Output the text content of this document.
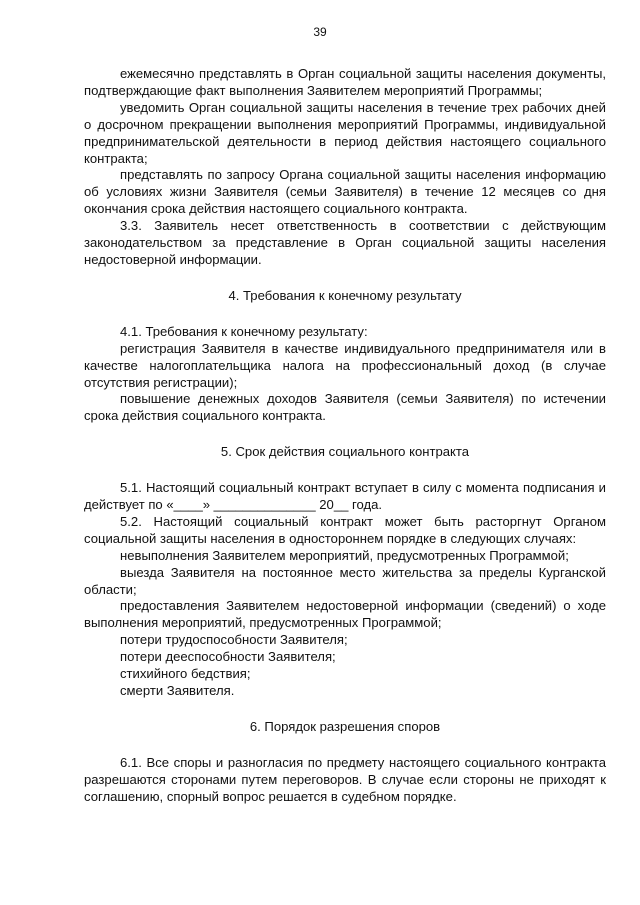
39

ежемесячно представлять в Орган социальной защиты населения документы, подтверждающие факт выполнения Заявителем мероприятий Программы;

уведомить Орган социальной защиты населения в течение трех рабочих дней о досрочном прекращении выполнения мероприятий Программы, индивидуальной предпринимательской деятельности в период действия настоящего социального контракта;

представлять по запросу Органа социальной защиты населения информацию об условиях жизни Заявителя (семьи Заявителя) в течение 12 месяцев со дня окончания срока действия настоящего социального контракта.

3.3. Заявитель несет ответственность в соответствии с действующим законодательством за представление в Орган социальной защиты населения недостоверной информации.

4. Требования к конечному результату

4.1. Требования к конечному результату:

регистрация Заявителя в качестве индивидуального предпринимателя или в качестве налогоплательщика налога на профессиональный доход (в случае отсутствия регистрации);

повышение денежных доходов Заявителя (семьи Заявителя) по истечении срока действия социального контракта.

5. Срок действия социального контракта

5.1. Настоящий социальный контракт вступает в силу с момента подписания и действует по «____» ______________ 20__ года.

5.2. Настоящий социальный контракт может быть расторгнут Органом социальной защиты населения в одностороннем порядке в следующих случаях:

невыполнения Заявителем мероприятий, предусмотренных Программой;

выезда Заявителя на постоянное место жительства за пределы Курганской области;

предоставления Заявителем недостоверной информации (сведений) о ходе выполнения мероприятий, предусмотренных Программой;

потери трудоспособности Заявителя;

потери дееспособности Заявителя;

стихийного бедствия;

смерти Заявителя.

6. Порядок разрешения споров

6.1. Все споры и разногласия по предмету настоящего социального контракта разрешаются сторонами путем переговоров. В случае если стороны не приходят к соглашению, спорный вопрос решается в судебном порядке.
